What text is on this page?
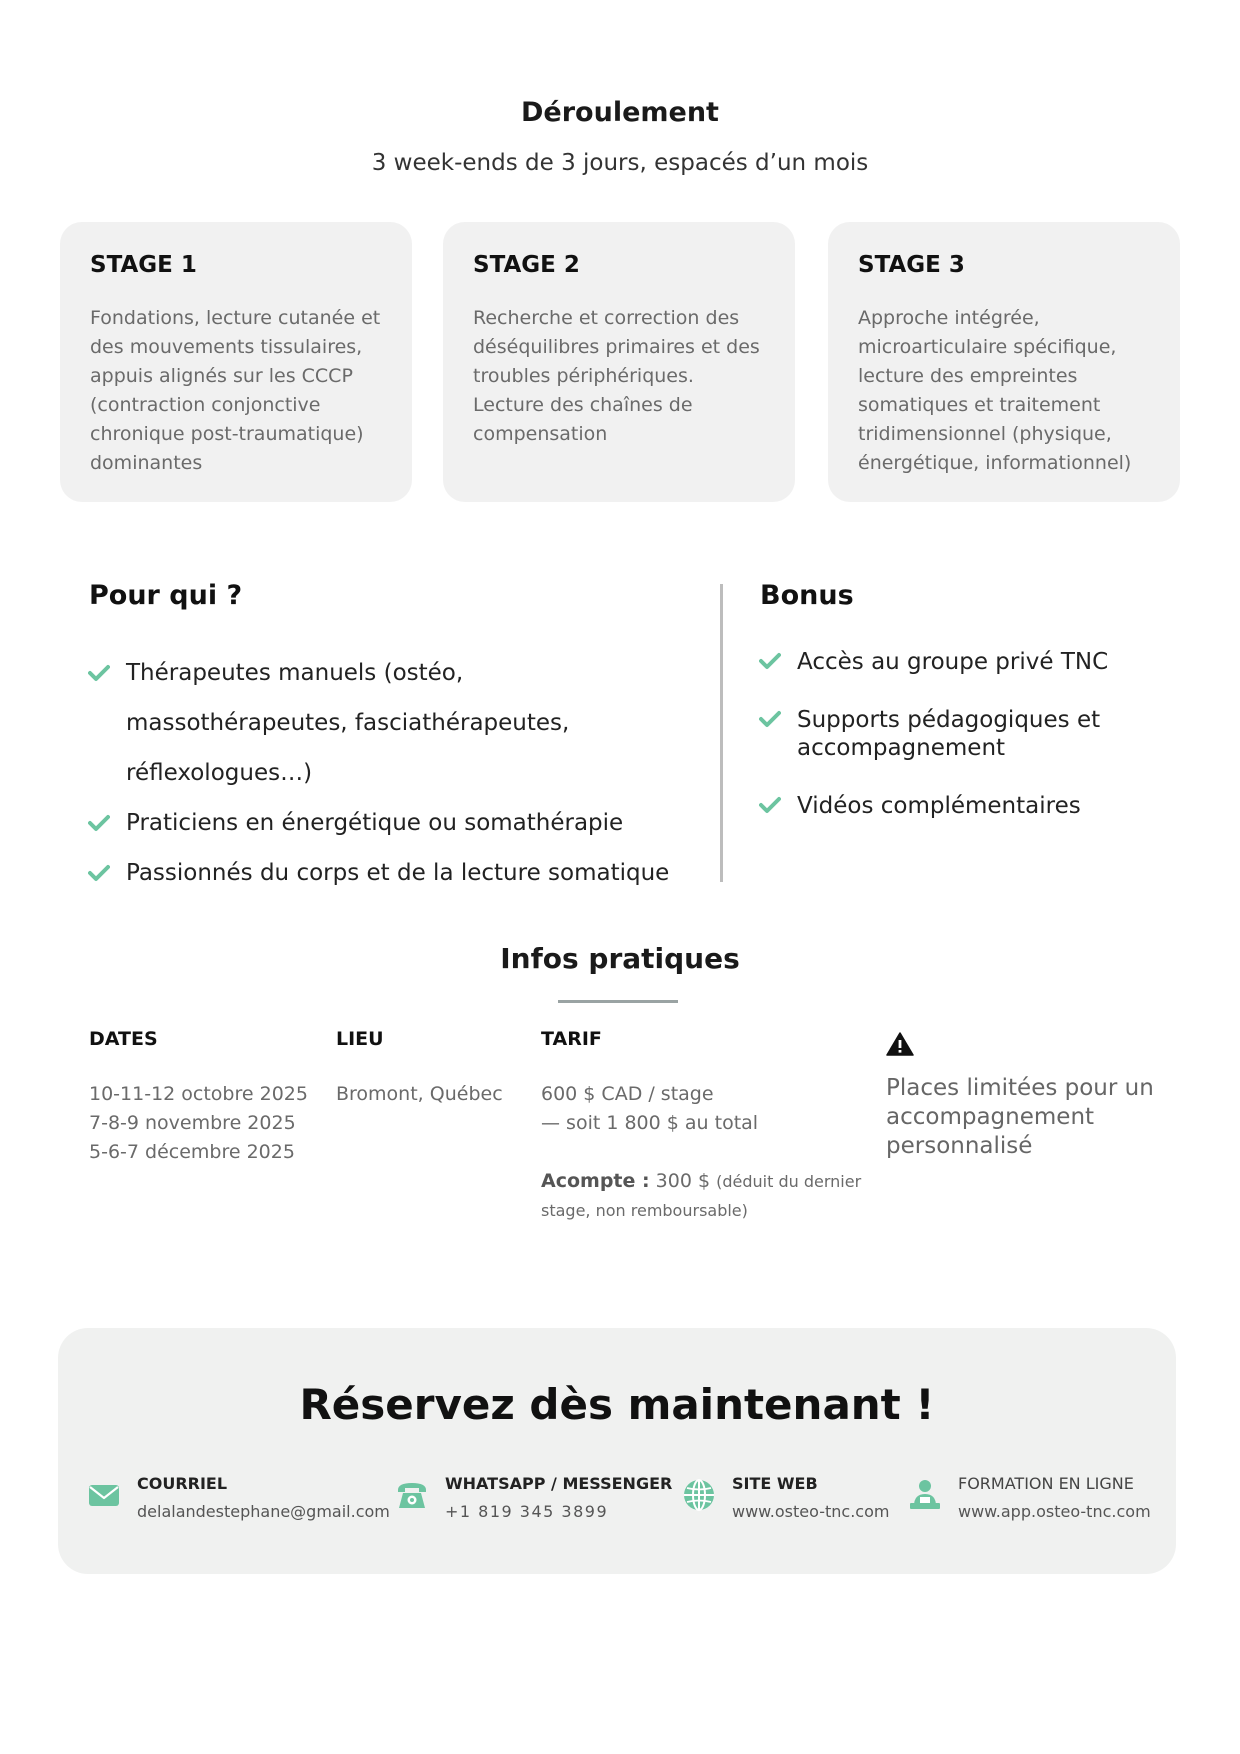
Déroulement
3 week-ends de 3 jours, espacés d’un mois
STAGE 1

Fondations, lecture cutanée et des mouvements tissulaires, appuis alignés sur les CCCP (contraction conjonctive chronique post-traumatique) dominantes

STAGE 2

Recherche et correction des déséquilibres primaires et des troubles périphériques. Lecture des chaînes de compensation

STAGE 3

Approche intégrée, microarticulaire spécifique, lecture des empreintes somatiques et traitement tridimensionnel (physique, énergétique, informationnel)

Pour qui ?
Thérapeutes manuels (ostéo, massothérapeutes, fasciathérapeutes, réflexologues…)
Praticiens en énergétique ou somathérapie
Passionnés du corps et de la lecture somatique
Bonus
Accès au groupe privé TNC
Supports pédagogiques et accompagnement
Vidéos complémentaires
Infos pratiques
DATES
10-11-12 octobre 2025
7-8-9 novembre 2025
5-6-7 décembre 2025
LIEU
Bromont, Québec
TARIF
600 $ CAD / stage
— soit 1 800 $ au total
Acompte : 300 $ (déduit du dernier stage, non remboursable)
Places limitées pour un accompagnement personnalisé
Réservez dès maintenant !
COURRIEL
delalandestephane@gmail.com
WHATSAPP / MESSENGER
+1 819 345 3899
SITE WEB
www.osteo-tnc.com
FORMATION EN LIGNE
www.app.osteo-tnc.com
